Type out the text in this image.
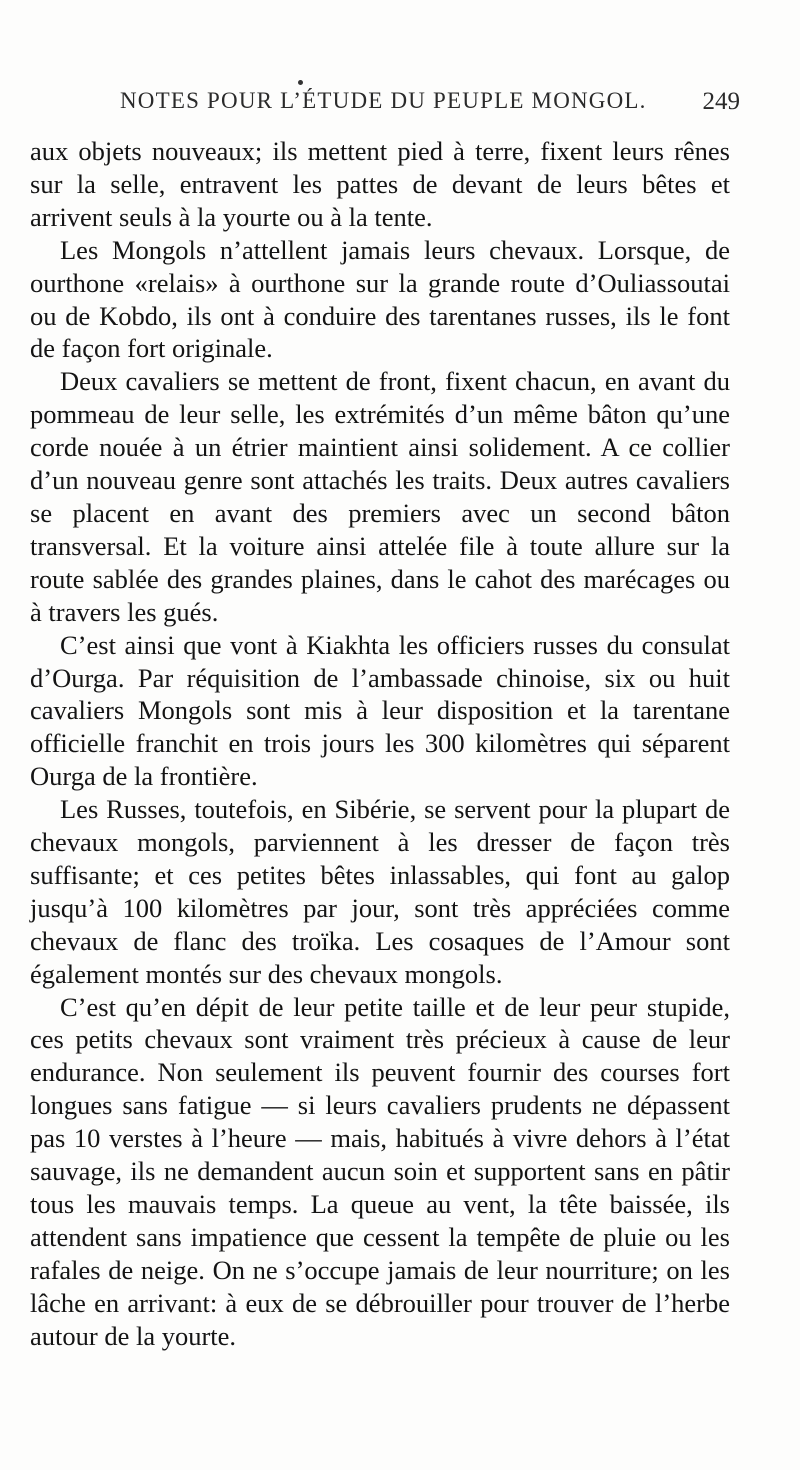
NOTES POUR L’ÉTUDE DU PEUPLE MONGOL. 249

aux objets nouveaux; ils mettent pied à terre, fixent leurs rênes sur la selle, entravent les pattes de devant de leurs bêtes et arrivent seuls à la yourte ou à la tente.

Les Mongols n’attellent jamais leurs chevaux. Lorsque, de ourthone «relais» à ourthone sur la grande route d’Ouliassoutai ou de Kobdo, ils ont à conduire des tarentanes russes, ils le font de façon fort originale.

Deux cavaliers se mettent de front, fixent chacun, en avant du pommeau de leur selle, les extrémités d’un même bâton qu’une corde nouée à un étrier maintient ainsi solidement. A ce collier d’un nouveau genre sont attachés les traits. Deux autres cavaliers se placent en avant des premiers avec un second bâton transversal. Et la voiture ainsi attelée file à toute allure sur la route sablée des grandes plaines, dans le cahot des marécages ou à travers les gués.

C’est ainsi que vont à Kiakhta les officiers russes du consulat d’Ourga. Par réquisition de l’ambassade chinoise, six ou huit cavaliers Mongols sont mis à leur disposition et la tarentane officielle franchit en trois jours les 300 kilomètres qui séparent Ourga de la frontière.

Les Russes, toutefois, en Sibérie, se servent pour la plupart de chevaux mongols, parviennent à les dresser de façon très suffisante; et ces petites bêtes inlassables, qui font au galop jusqu’à 100 kilomètres par jour, sont très appréciées comme chevaux de flanc des troïka. Les cosaques de l’Amour sont également montés sur des chevaux mongols.

C’est qu’en dépit de leur petite taille et de leur peur stupide, ces petits chevaux sont vraiment très précieux à cause de leur endurance. Non seulement ils peuvent fournir des courses fort longues sans fatigue — si leurs cavaliers prudents ne dépassent pas 10 verstes à l’heure — mais, habitués à vivre dehors à l’état sauvage, ils ne demandent aucun soin et supportent sans en pâtir tous les mauvais temps. La queue au vent, la tête baissée, ils attendent sans impatience que cessent la tempête de pluie ou les rafales de neige. On ne s’occupe jamais de leur nourriture; on les lâche en arrivant: à eux de se débrouiller pour trouver de l’herbe autour de la yourte.
